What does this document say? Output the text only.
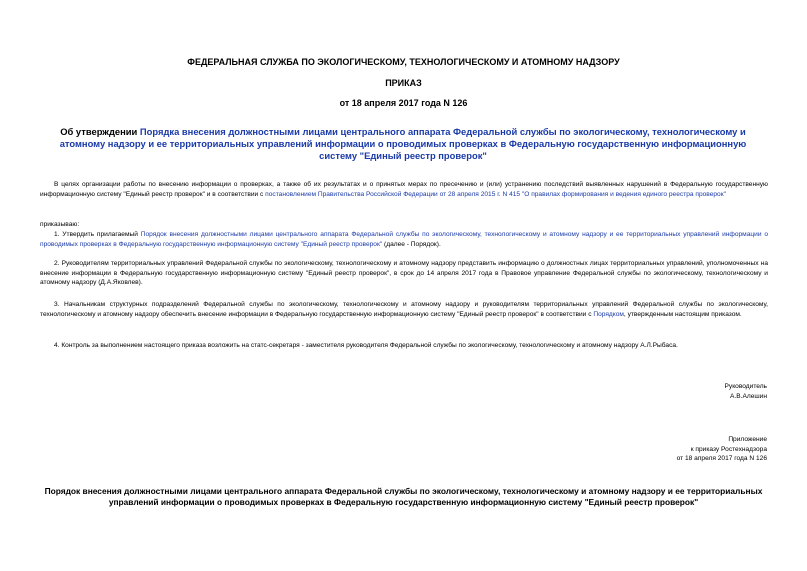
ФЕДЕРАЛЬНАЯ СЛУЖБА ПО ЭКОЛОГИЧЕСКОМУ, ТЕХНОЛОГИЧЕСКОМУ И АТОМНОМУ НАДЗОРУ
ПРИКАЗ
от 18 апреля 2017 года N 126
Об утверждении Порядка внесения должностными лицами центрального аппарата Федеральной службы по экологическому, технологическому и атомному надзору и ее территориальных управлений информации о проводимых проверках в Федеральную государственную информационную систему "Единый реестр проверок"
В целях организации работы по внесению информации о проверках, а также об их результатах и о принятых мерах по пресечению и (или) устранению последствий выявленных нарушений в Федеральную государственную информационную систему "Единый реестр проверок" и в соответствии с постановлением Правительства Российской Федерации от 28 апреля 2015 г. N 415 "О правилах формирования и ведения единого реестра проверок"
приказываю:
1. Утвердить прилагаемый Порядок внесения должностными лицами центрального аппарата Федеральной службы по экологическому, технологическому и атомному надзору и ее территориальных управлений информации о проводимых проверках в Федеральную государственную информационную систему "Единый реестр проверок" (далее - Порядок).
2. Руководителям территориальных управлений Федеральной службы по экологическому, технологическому и атомному надзору представить информацию о должностных лицах территориальных управлений, уполномоченных на внесение информации в Федеральную государственную информационную систему "Единый реестр проверок", в срок до 14 апреля 2017 года в Правовое управление Федеральной службы по экологическому, технологическому и атомному надзору (Д.А.Яковлев).
3. Начальникам структурных подразделений Федеральной службы по экологическому, технологическому и атомному надзору и руководителям территориальных управлений Федеральной службы по экологическому, технологическому и атомному надзору обеспечить внесение информации в Федеральную государственную информационную систему "Единый реестр проверок" в соответствии с Порядком, утвержденным настоящим приказом.
4. Контроль за выполнением настоящего приказа возложить на статс-секретаря - заместителя руководителя Федеральной службы по экологическому, технологическому и атомному надзору А.Л.Рыбаса.
Руководитель
А.В.Алешин
Приложение
к приказу Ростехнадзора
от 18 апреля 2017 года N 126
Порядок внесения должностными лицами центрального аппарата Федеральной службы по экологическому, технологическому и атомному надзору и ее территориальных управлений информации о проводимых проверках в Федеральную государственную информационную систему "Единый реестр проверок"
